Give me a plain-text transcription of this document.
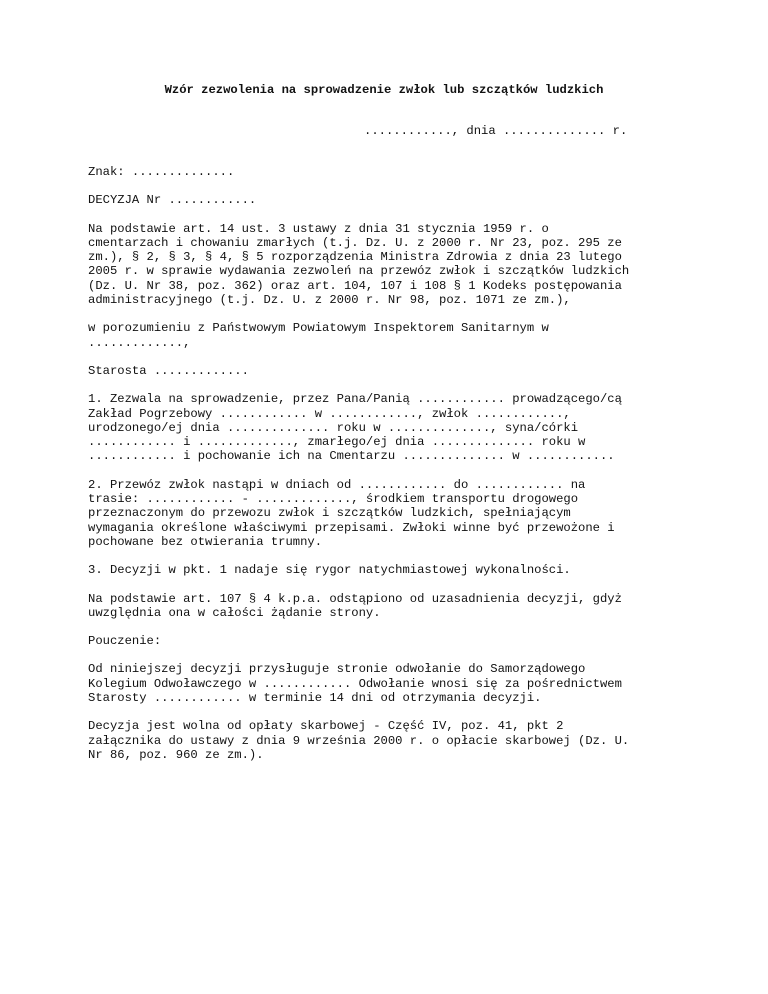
Wzór zezwolenia na sprowadzenie zwłok lub szczątków ludzkich
............, dnia .............. r.

Znak: ..............

DECYZJA Nr ............

Na podstawie art. 14 ust. 3 ustawy z dnia 31 stycznia 1959 r. o
cmentarzach i chowaniu zmarłych (t.j. Dz. U. z 2000 r. Nr 23, poz. 295 ze
zm.), § 2, § 3, § 4, § 5 rozporządzenia Ministra Zdrowia z dnia 23 lutego
2005 r. w sprawie wydawania zezwoleń na przewóz zwłok i szczątków ludzkich
(Dz. U. Nr 38, poz. 362) oraz art. 104, 107 i 108 § 1 Kodeks postępowania
administracyjnego (t.j. Dz. U. z 2000 r. Nr 98, poz. 1071 ze zm.),

w porozumieniu z Państwowym Powiatowym Inspektorem Sanitarnym w
.............,

Starosta .............

1. Zezwala na sprowadzenie, przez Pana/Panią ............ prowadzącego/cą
Zakład Pogrzebowy ............ w ............, zwłok ............,
urodzonego/ej dnia .............. roku w .............., syna/córki
............ i ............., zmarłego/ej dnia .............. roku w
............ i pochowanie ich na Cmentarzu .............. w ............

2. Przewóz zwłok nastąpi w dniach od ............ do ............ na
trasie: ............ - ............., środkiem transportu drogowego
przeznaczonym do przewozu zwłok i szczątków ludzkich, spełniającym
wymagania określone właściwymi przepisami. Zwłoki winne być przewożone i
pochowane bez otwierania trumny.

3. Decyzji w pkt. 1 nadaje się rygor natychmiastowej wykonalności.

Na podstawie art. 107 § 4 k.p.a. odstąpiono od uzasadnienia decyzji, gdyż
uwzględnia ona w całości żądanie strony.

Pouczenie:

Od niniejszej decyzji przysługuje stronie odwołanie do Samorządowego
Kolegium Odwoławczego w ............ Odwołanie wnosi się za pośrednictwem
Starosty ............ w terminie 14 dni od otrzymania decyzji.

Decyzja jest wolna od opłaty skarbowej - Część IV, poz. 41, pkt 2
załącznika do ustawy z dnia 9 września 2000 r. o opłacie skarbowej (Dz. U.
Nr 86, poz. 960 ze zm.).
